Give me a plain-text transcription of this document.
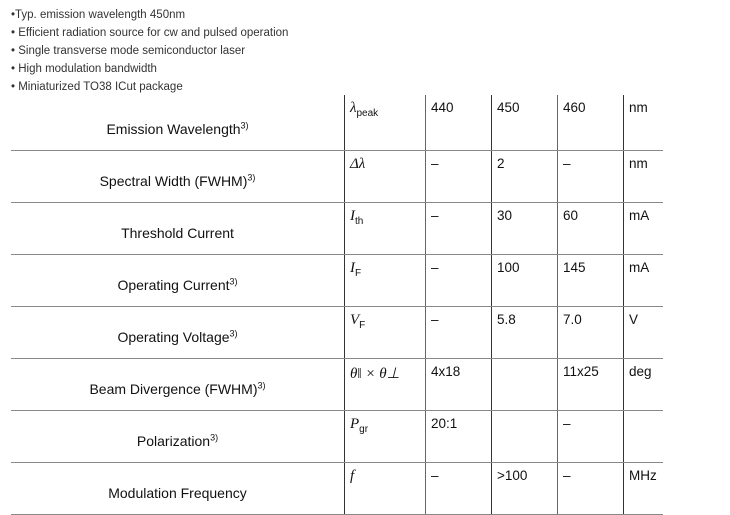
•Typ. emission wavelength 450nm
• Efficient radiation source for cw and pulsed operation
• Single transverse mode semiconductor laser
• High modulation bandwidth
• Miniaturized TO38 ICut package
Emission Wavelength$^{3)}$	$\lambda_{peak}$	440	450	460	nm
Spectral Width (FWHM)$^{3)}$	Δλ	–	2	–	nm
Threshold Current	$I_{th}$	–	30	60	mA
Operating Current$^{3)}$	$I_F$	–	100	145	mA
Operating Voltage$^{3)}$	$V_F$	–	5.8	7.0	V
Beam Divergence (FWHM)$^{3)}$	θ‖ × θ⊥	4x18		11x25	deg
Polarization$^{3)}$	$P_{gr}$	20:1		–	
Modulation Frequency	f	–	>100	–	MHz
